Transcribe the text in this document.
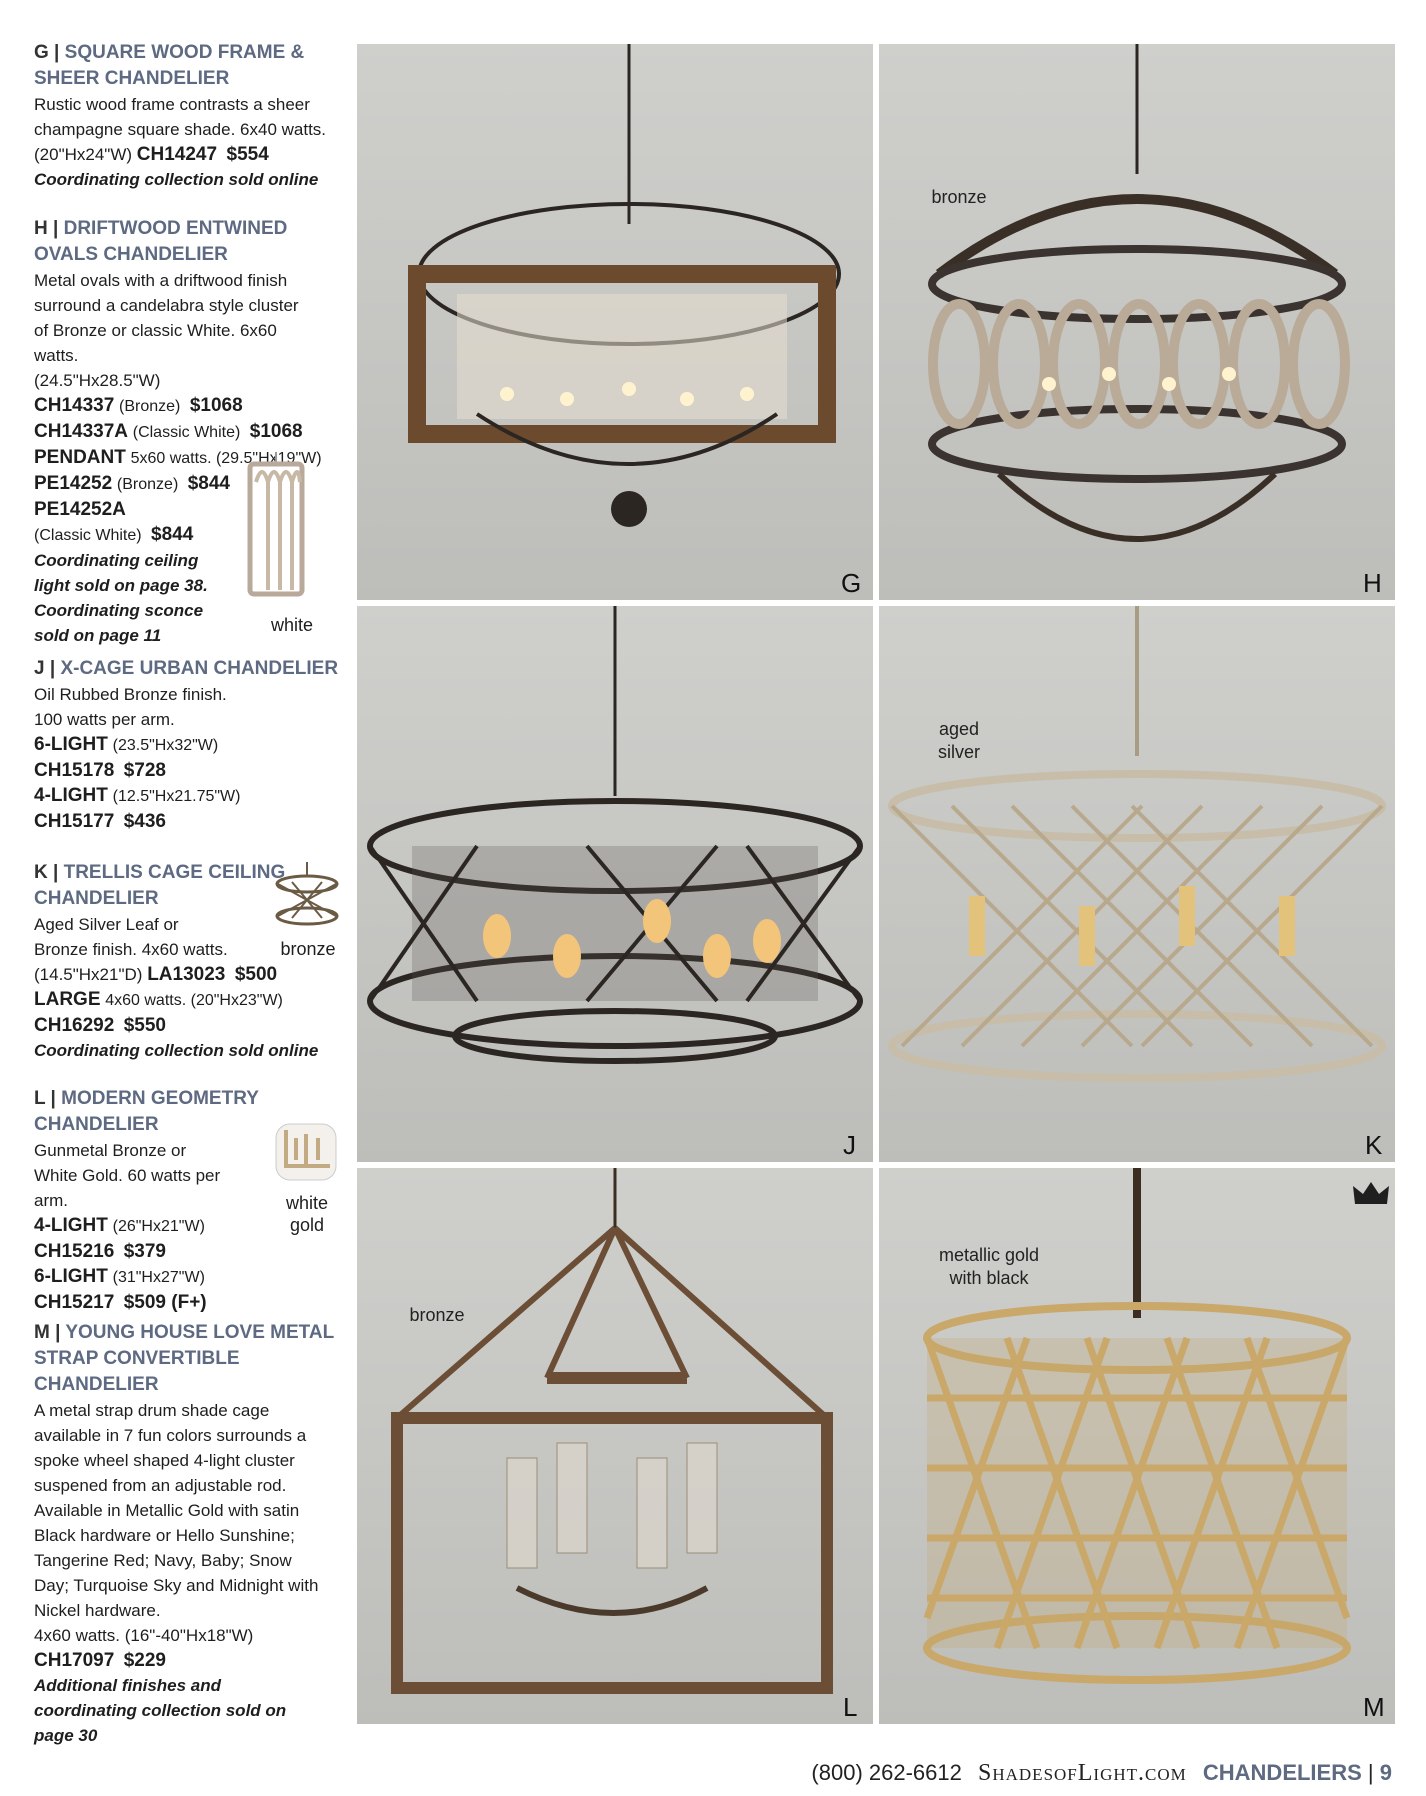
G | SQUARE WOOD FRAME & SHEER CHANDELIER
Rustic wood frame contrasts a sheer champagne square shade. 6x40 watts.
(20"Hx24"W) CH14247 $554
Coordinating collection sold online
H | DRIFTWOOD ENTWINED
OVALS CHANDELIER
Metal ovals with a driftwood finish surround a candelabra style cluster of Bronze or classic White. 6x60 watts.
(24.5"Hx28.5"W)
CH14337 (Bronze) $1068
CH14337A (Classic White) $1068
PENDANT 5x60 watts. (29.5"Hx19"W)
PE14252 (Bronze) $844
PE14252A
(Classic White) $844
Coordinating ceiling light sold on page 38.
Coordinating sconce sold on page 11
J | X-CAGE URBAN CHANDELIER
Oil Rubbed Bronze finish.
100 watts per arm.
6-LIGHT (23.5"Hx32"W)
CH15178 $728
4-LIGHT (12.5"Hx21.75"W)
CH15177 $436
K | TRELLIS CAGE CEILING
CHANDELIER
Aged Silver Leaf or Bronze finish. 4x60 watts.
(14.5"Hx21"D) LA13023 $500
LARGE 4x60 watts. (20"Hx23"W)
CH16292 $550
Coordinating collection sold online
L | MODERN GEOMETRY
CHANDELIER
Gunmetal Bronze or White Gold. 60 watts per arm.
4-LIGHT (26"Hx21"W)
CH15216 $379
6-LIGHT (31"Hx27"W)
CH15217 $509 (F+)
M | YOUNG HOUSE LOVE METAL
STRAP CONVERTIBLE CHANDELIER
A metal strap drum shade cage available in 7 fun colors surrounds a spoke wheel shaped 4-light cluster suspened from an adjustable rod. Available in Metallic Gold with satin Black hardware or Hello Sunshine; Tangerine Red; Navy, Baby; Snow Day; Turquoise Sky and Midnight with Nickel hardware.
4x60 watts. (16"-40"Hx18"W)
CH17097 $229
Additional finishes and coordinating collection sold on page 30
white
bronze
white gold
G
bronze
H
J
aged
silver
K
bronze
L
metallic gold
with black
M
(800) 262-6612 ShadesofLight.com CHANDELIERS | 9
